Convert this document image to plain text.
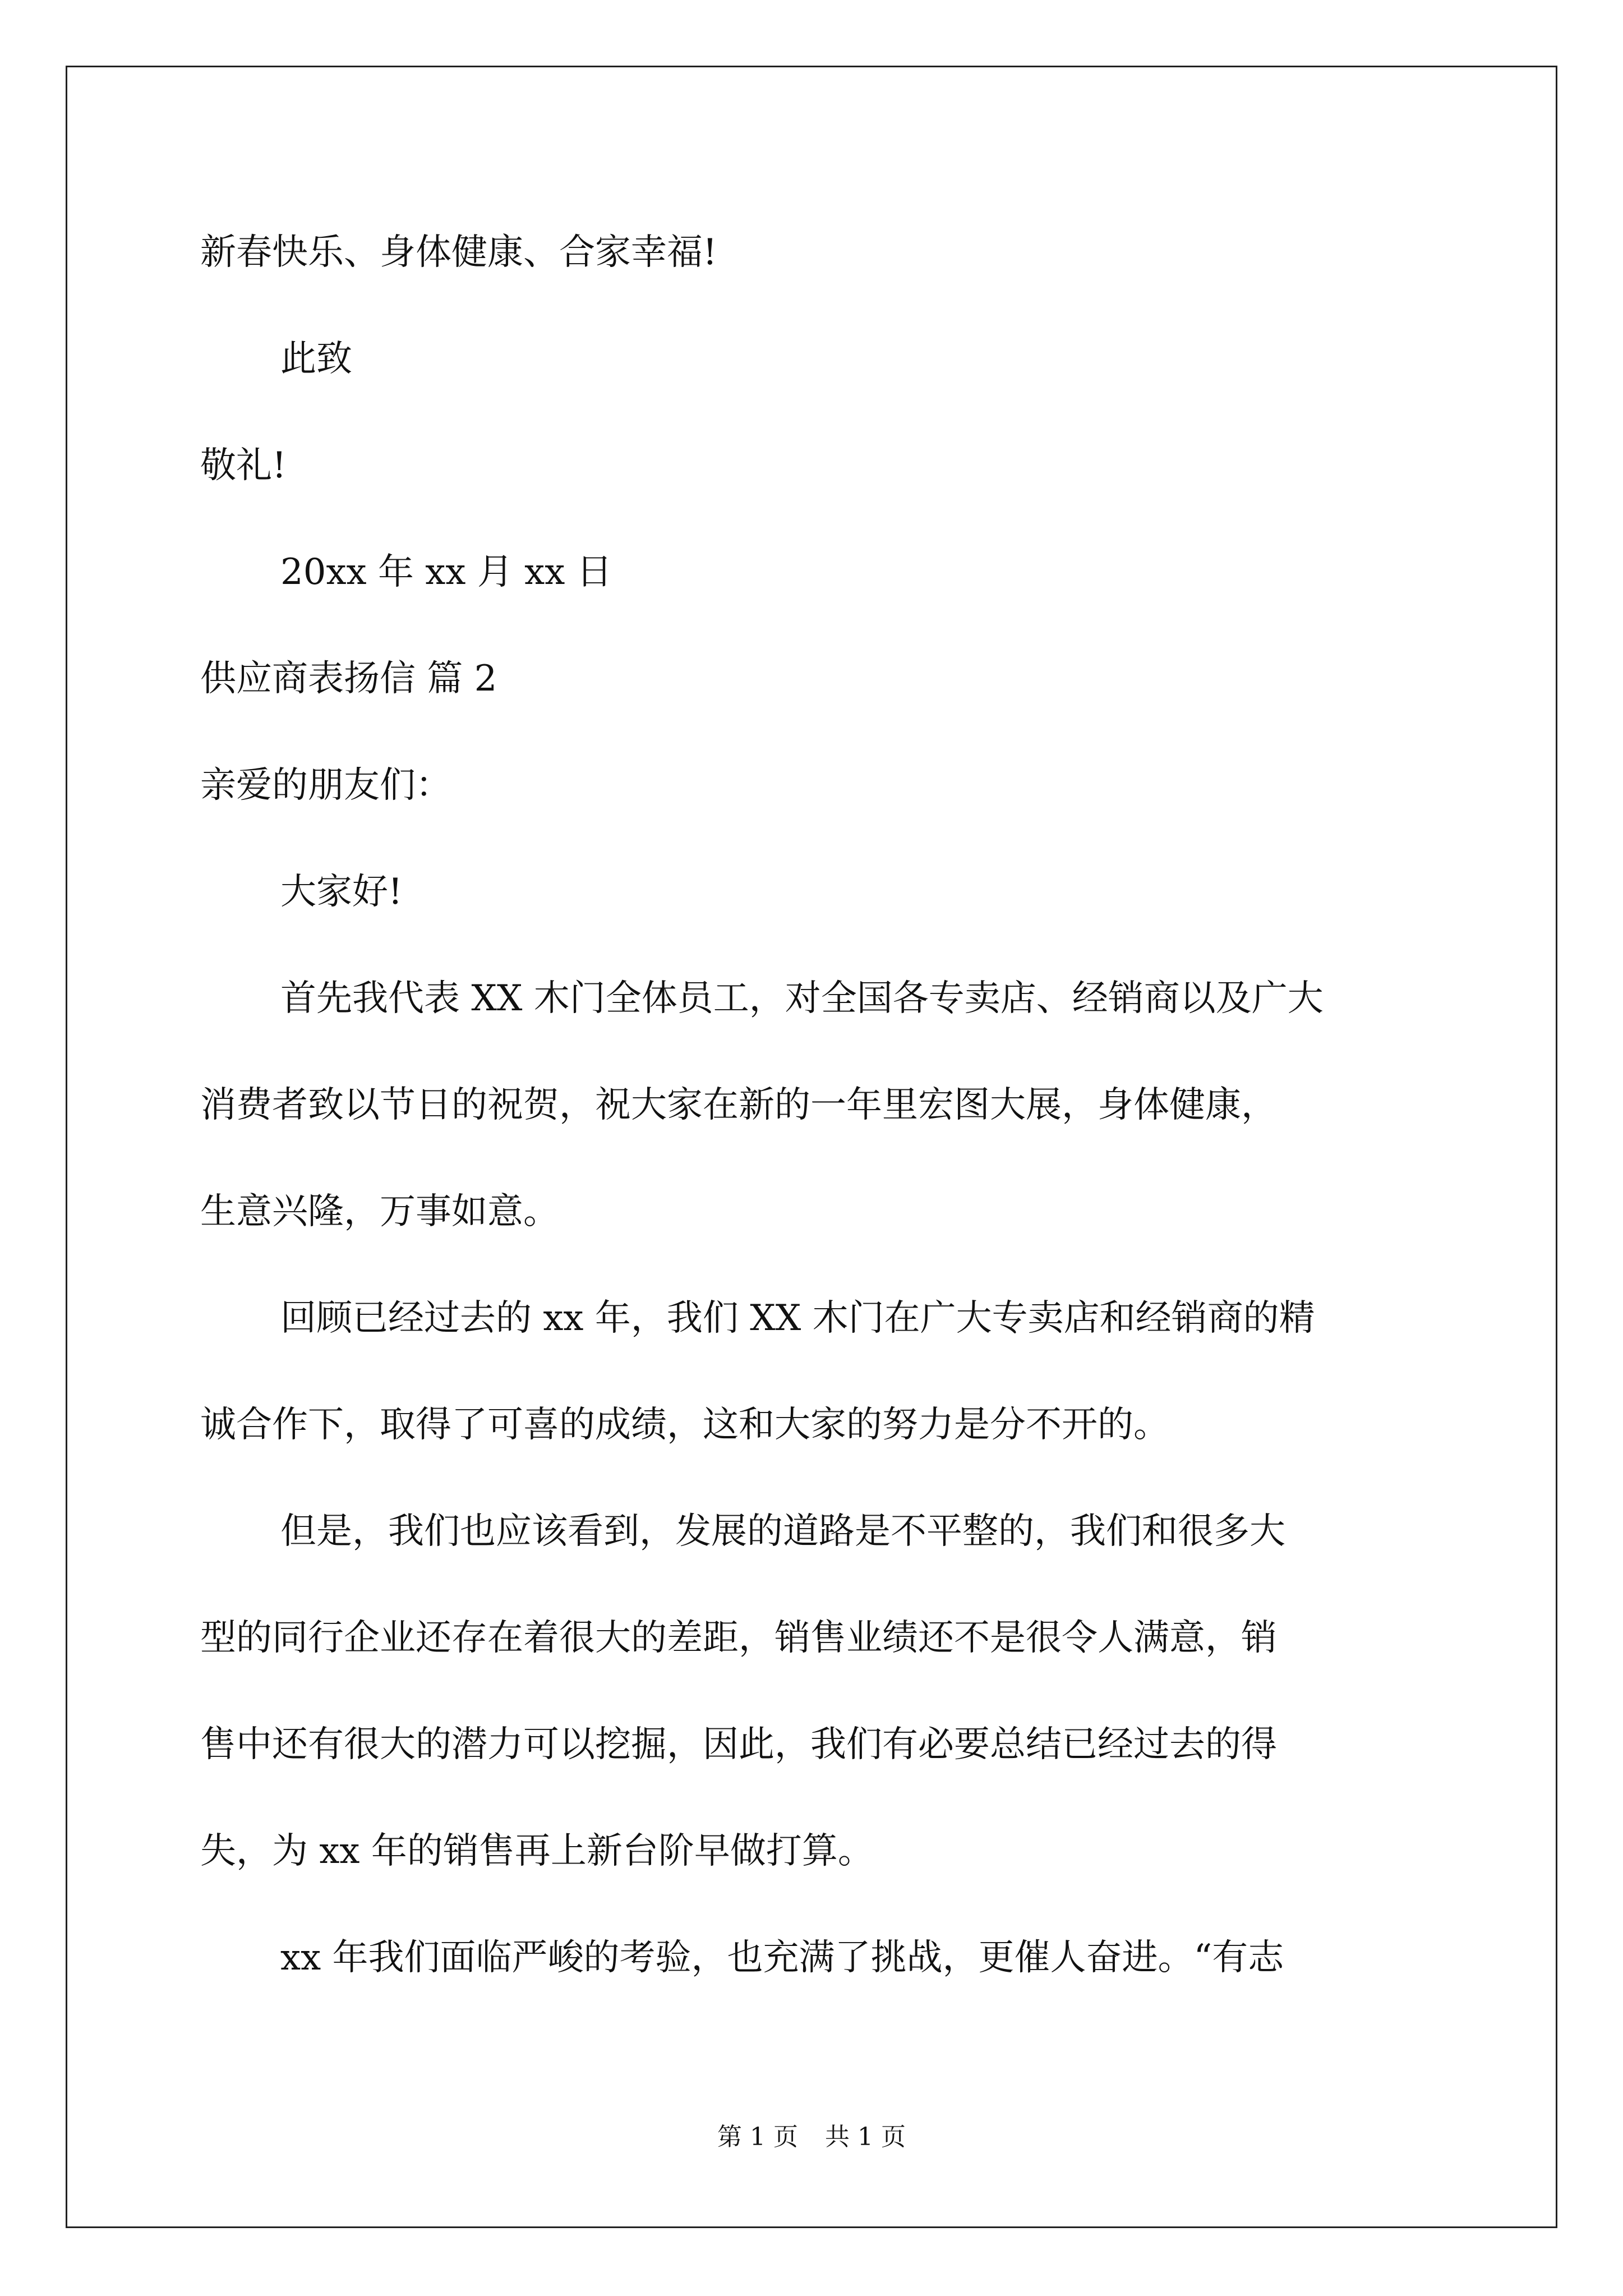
新春快乐、身体健康、合家幸福!
此致
敬礼!
20xx 年 xx 月 xx 日
供应商表扬信 篇 2
亲爱的朋友们：
大家好!
首先我代表 XX 木门全体员工，对全国各专卖店、经销商以及广大
消费者致以节日的祝贺，祝大家在新的一年里宏图大展，身体健康，
生意兴隆，万事如意。
回顾已经过去的 xx 年，我们 XX 木门在广大专卖店和经销商的精
诚合作下，取得了可喜的成绩，这和大家的努力是分不开的。
但是，我们也应该看到，发展的道路是不平整的，我们和很多大
型的同行企业还存在着很大的差距，销售业绩还不是很令人满意，销
售中还有很大的潜力可以挖掘，因此，我们有必要总结已经过去的得
失，为 xx 年的销售再上新台阶早做打算。
xx 年我们面临严峻的考验，也充满了挑战，更催人奋进。“有志
第 1 页 共 1 页
